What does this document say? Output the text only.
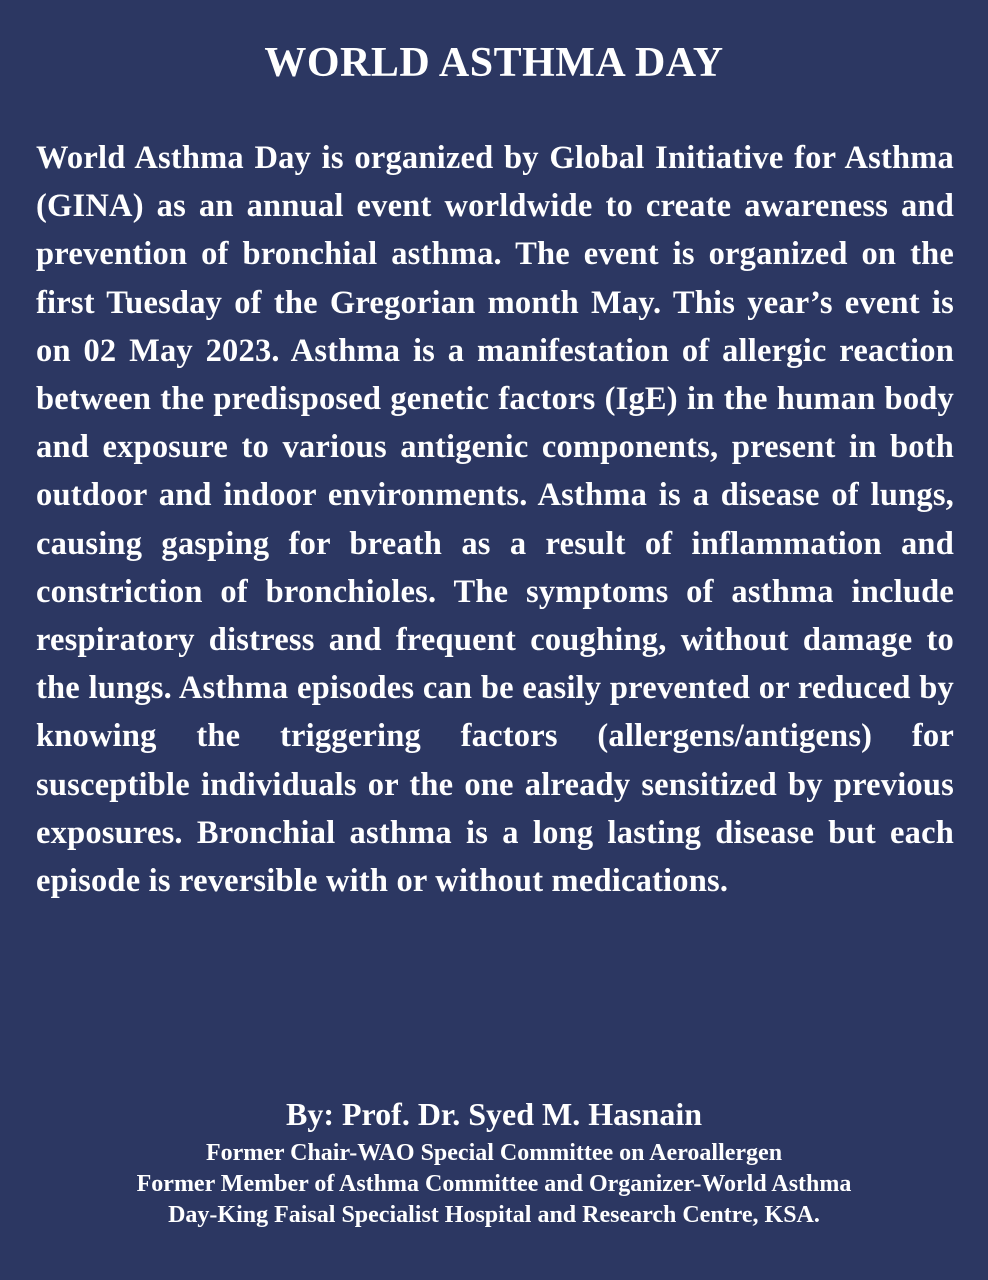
WORLD ASTHMA DAY

World Asthma Day is organized by Global Initiative for Asthma (GINA) as an annual event worldwide to create awareness and prevention of bronchial asthma. The event is organized on the first Tuesday of the Gregorian month May. This year’s event is on 02 May 2023. Asthma is a manifestation of allergic reaction between the predisposed genetic factors (IgE) in the human body and exposure to various antigenic components, present in both outdoor and indoor environments. Asthma is a disease of lungs, causing gasping for breath as a result of inflammation and constriction of bronchioles. The symptoms of asthma include respiratory distress and frequent coughing, without damage to the lungs. Asthma episodes can be easily prevented or reduced by knowing the triggering factors (allergens/antigens) for susceptible individuals or the one already sensitized by previous exposures. Bronchial asthma is a long lasting disease but each episode is reversible with or without medications.

By: Prof. Dr. Syed M. Hasnain

Former Chair-WAO Special Committee on Aeroallergen
Former Member of Asthma Committee and Organizer-World Asthma
Day-King Faisal Specialist Hospital and Research Centre, KSA.
